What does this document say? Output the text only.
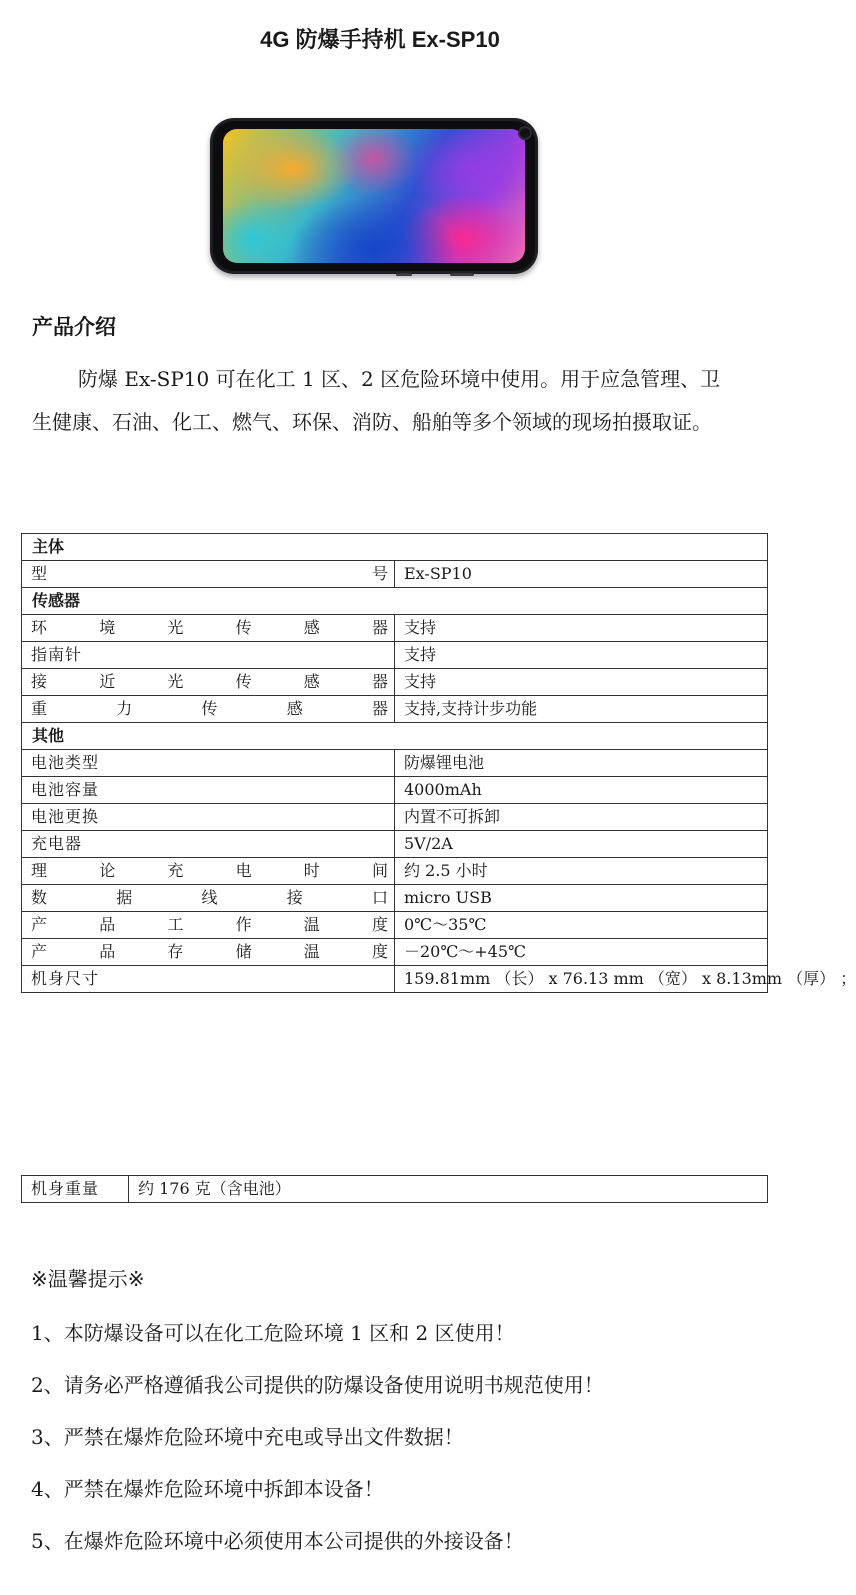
4G 防爆手持机 Ex-SP10
产品介绍

防爆 Ex-SP10 可在化工 1 区、2 区危险环境中使用。用于应急管理、卫生健康、石油、化工、燃气、环保、消防、船舶等多个领域的现场拍摄取证。

主体	
型号	Ex-SP10
传感器	
环境光传感器	支持
指南针	支持
接近光传感器	支持
重力传感器	支持,支持计步功能
其他	
电池类型	防爆锂电池
电池容量	4000mAh
电池更换	内置不可拆卸
充电器	5V/2A
理论充电时间	约 2.5 小时
数据线接口	micro USB
产品工作温度	0℃～35℃
产品存储温度	－20℃～+45℃
机身尺寸	159.81mm （长） x 76.13 mm （宽） x 8.13mm （厚） ；
机身重量	约 176 克（含电池）
※温馨提示※
1、本防爆设备可以在化工危险环境 1 区和 2 区使用！
2、请务必严格遵循我公司提供的防爆设备使用说明书规范使用！
3、严禁在爆炸危险环境中充电或导出文件数据！
4、严禁在爆炸危险环境中拆卸本设备！
5、在爆炸危险环境中必须使用本公司提供的外接设备！
